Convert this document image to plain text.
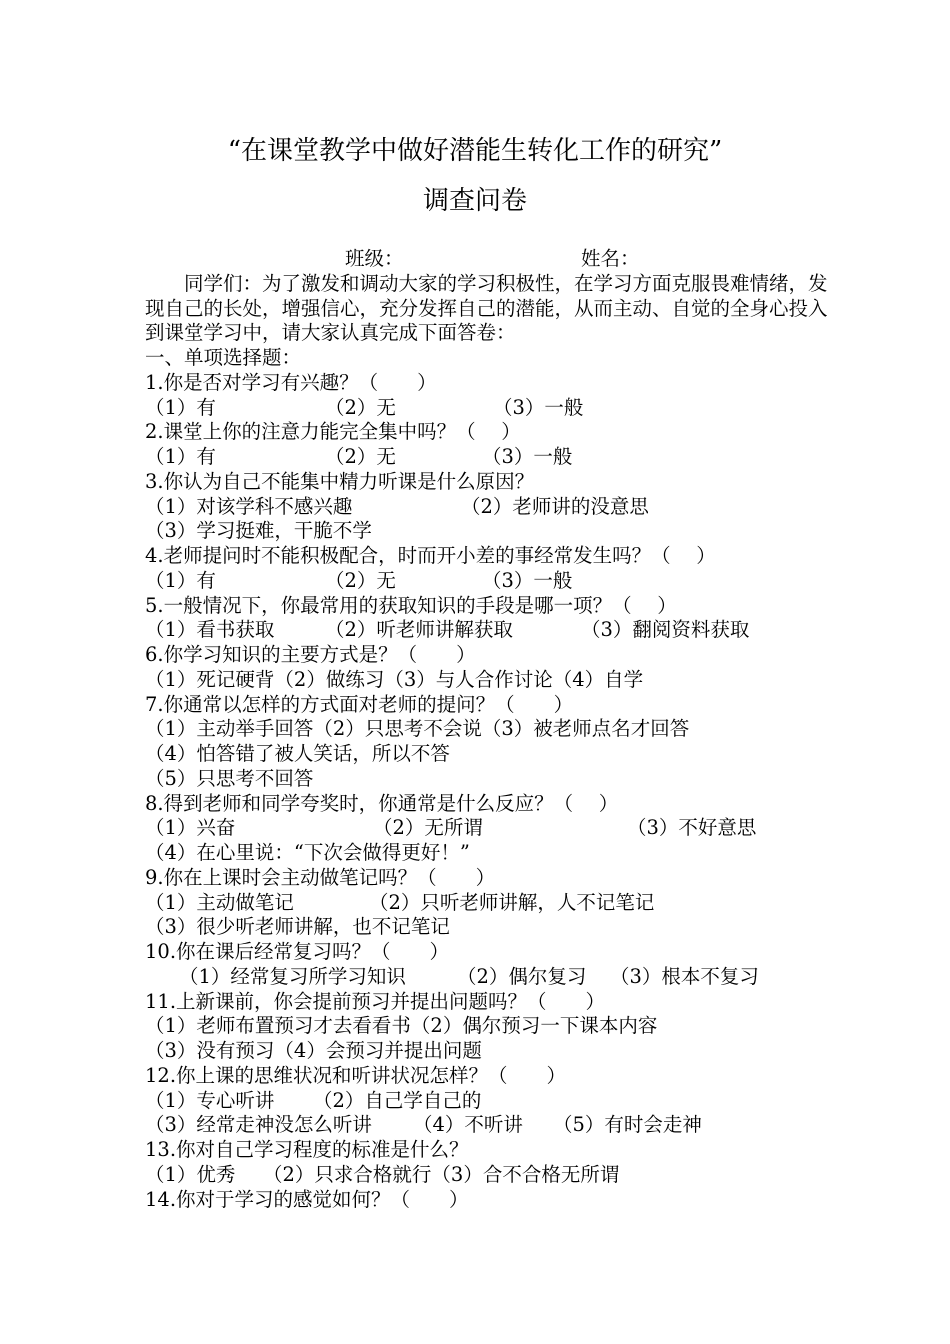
“在课堂教学中做好潜能生转化工作的研究”
调查问卷
班级：	姓名：
同学们：为了激发和调动大家的学习积极性，在学习方面克服畏难情绪，发现自己的长处，增强信心，充分发挥自己的潜能，从而主动、自觉的全身心投入到课堂学习中，请大家认真完成下面答卷：
一、单项选择题：
1.你是否对学习有兴趣？（　　）
（1）有	（2）无	（3）一般
2.课堂上你的注意力能完全集中吗？（　 ）
（1）有	（2）无	（3）一般
3.你认为自己不能集中精力听课是什么原因？
（1）对该学科不感兴趣	（2）老师讲的没意思
（3）学习挺难，干脆不学
4.老师提问时不能积极配合，时而开小差的事经常发生吗？（　 ）
（1）有	（2）无	（3）一般
5.一般情况下，你最常用的获取知识的手段是哪一项？（　 ）
（1）看书获取	（2）听老师讲解获取	（3）翻阅资料获取
6.你学习知识的主要方式是？（　　）
（1）死记硬背（2）做练习（3）与人合作讨论（4）自学
7.你通常以怎样的方式面对老师的提问？（　　）
（1）主动举手回答（2）只思考不会说（3）被老师点名才回答
（4）怕答错了被人笑话，所以不答
（5）只思考不回答
8.得到老师和同学夸奖时，你通常是什么反应？（　 ）
（1）兴奋	（2）无所谓	（3）不好意思
（4）在心里说：“下次会做得更好！”
9.你在上课时会主动做笔记吗？（　　）
（1）主动做笔记	（2）只听老师讲解，人不记笔记
（3）很少听老师讲解，也不记笔记
10.你在课后经常复习吗？（　　）
（1）经常复习所学习知识	（2）偶尔复习 （3）根本不复习
11.上新课前，你会提前预习并提出问题吗？（　　）
（1）老师布置预习才去看看书（2）偶尔预习一下课本内容
（3）没有预习（4）会预习并提出问题
12.你上课的思维状况和听讲状况怎样？（　　）
（1）专心听讲 （2）自己学自己的
（3）经常走神没怎么听讲 （4）不听讲 （5）有时会走神
13.你对自己学习程度的标准是什么？
（1）优秀 （2）只求合格就行（3）合不合格无所谓
14.你对于学习的感觉如何？（　　）
